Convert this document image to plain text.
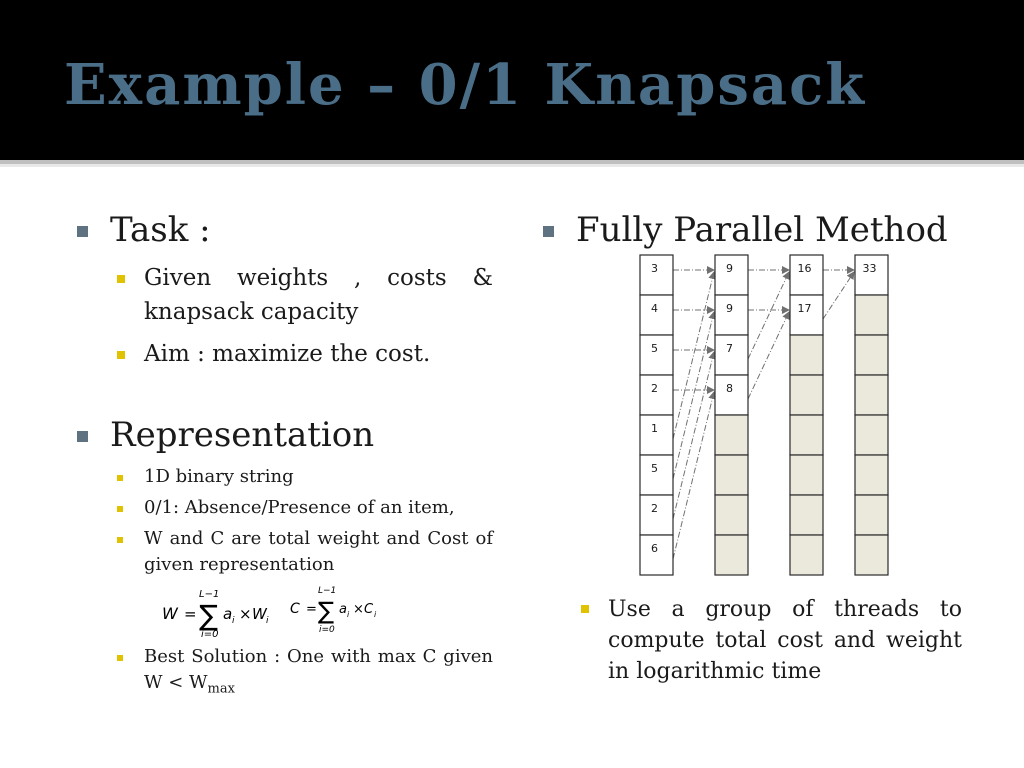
Example – 0/1 Knapsack
Task :
Given weights , costs & knapsack capacity
Aim : maximize the cost.
Representation
1D binary string
0/1: Absence/Presence of an item,
W and C are total weight and Cost of given representation
W =
L−1
∑
i=0
a i × W i
C =
L−1
∑
i=0
a i × C i
Best Solution : One with max C given $W < W_{max}$
Fully Parallel Method
3
4
5
2
1
5
2
6
9
9
7
8
16
17
33
Use a group of threads to compute total cost and weight in logarithmic time
